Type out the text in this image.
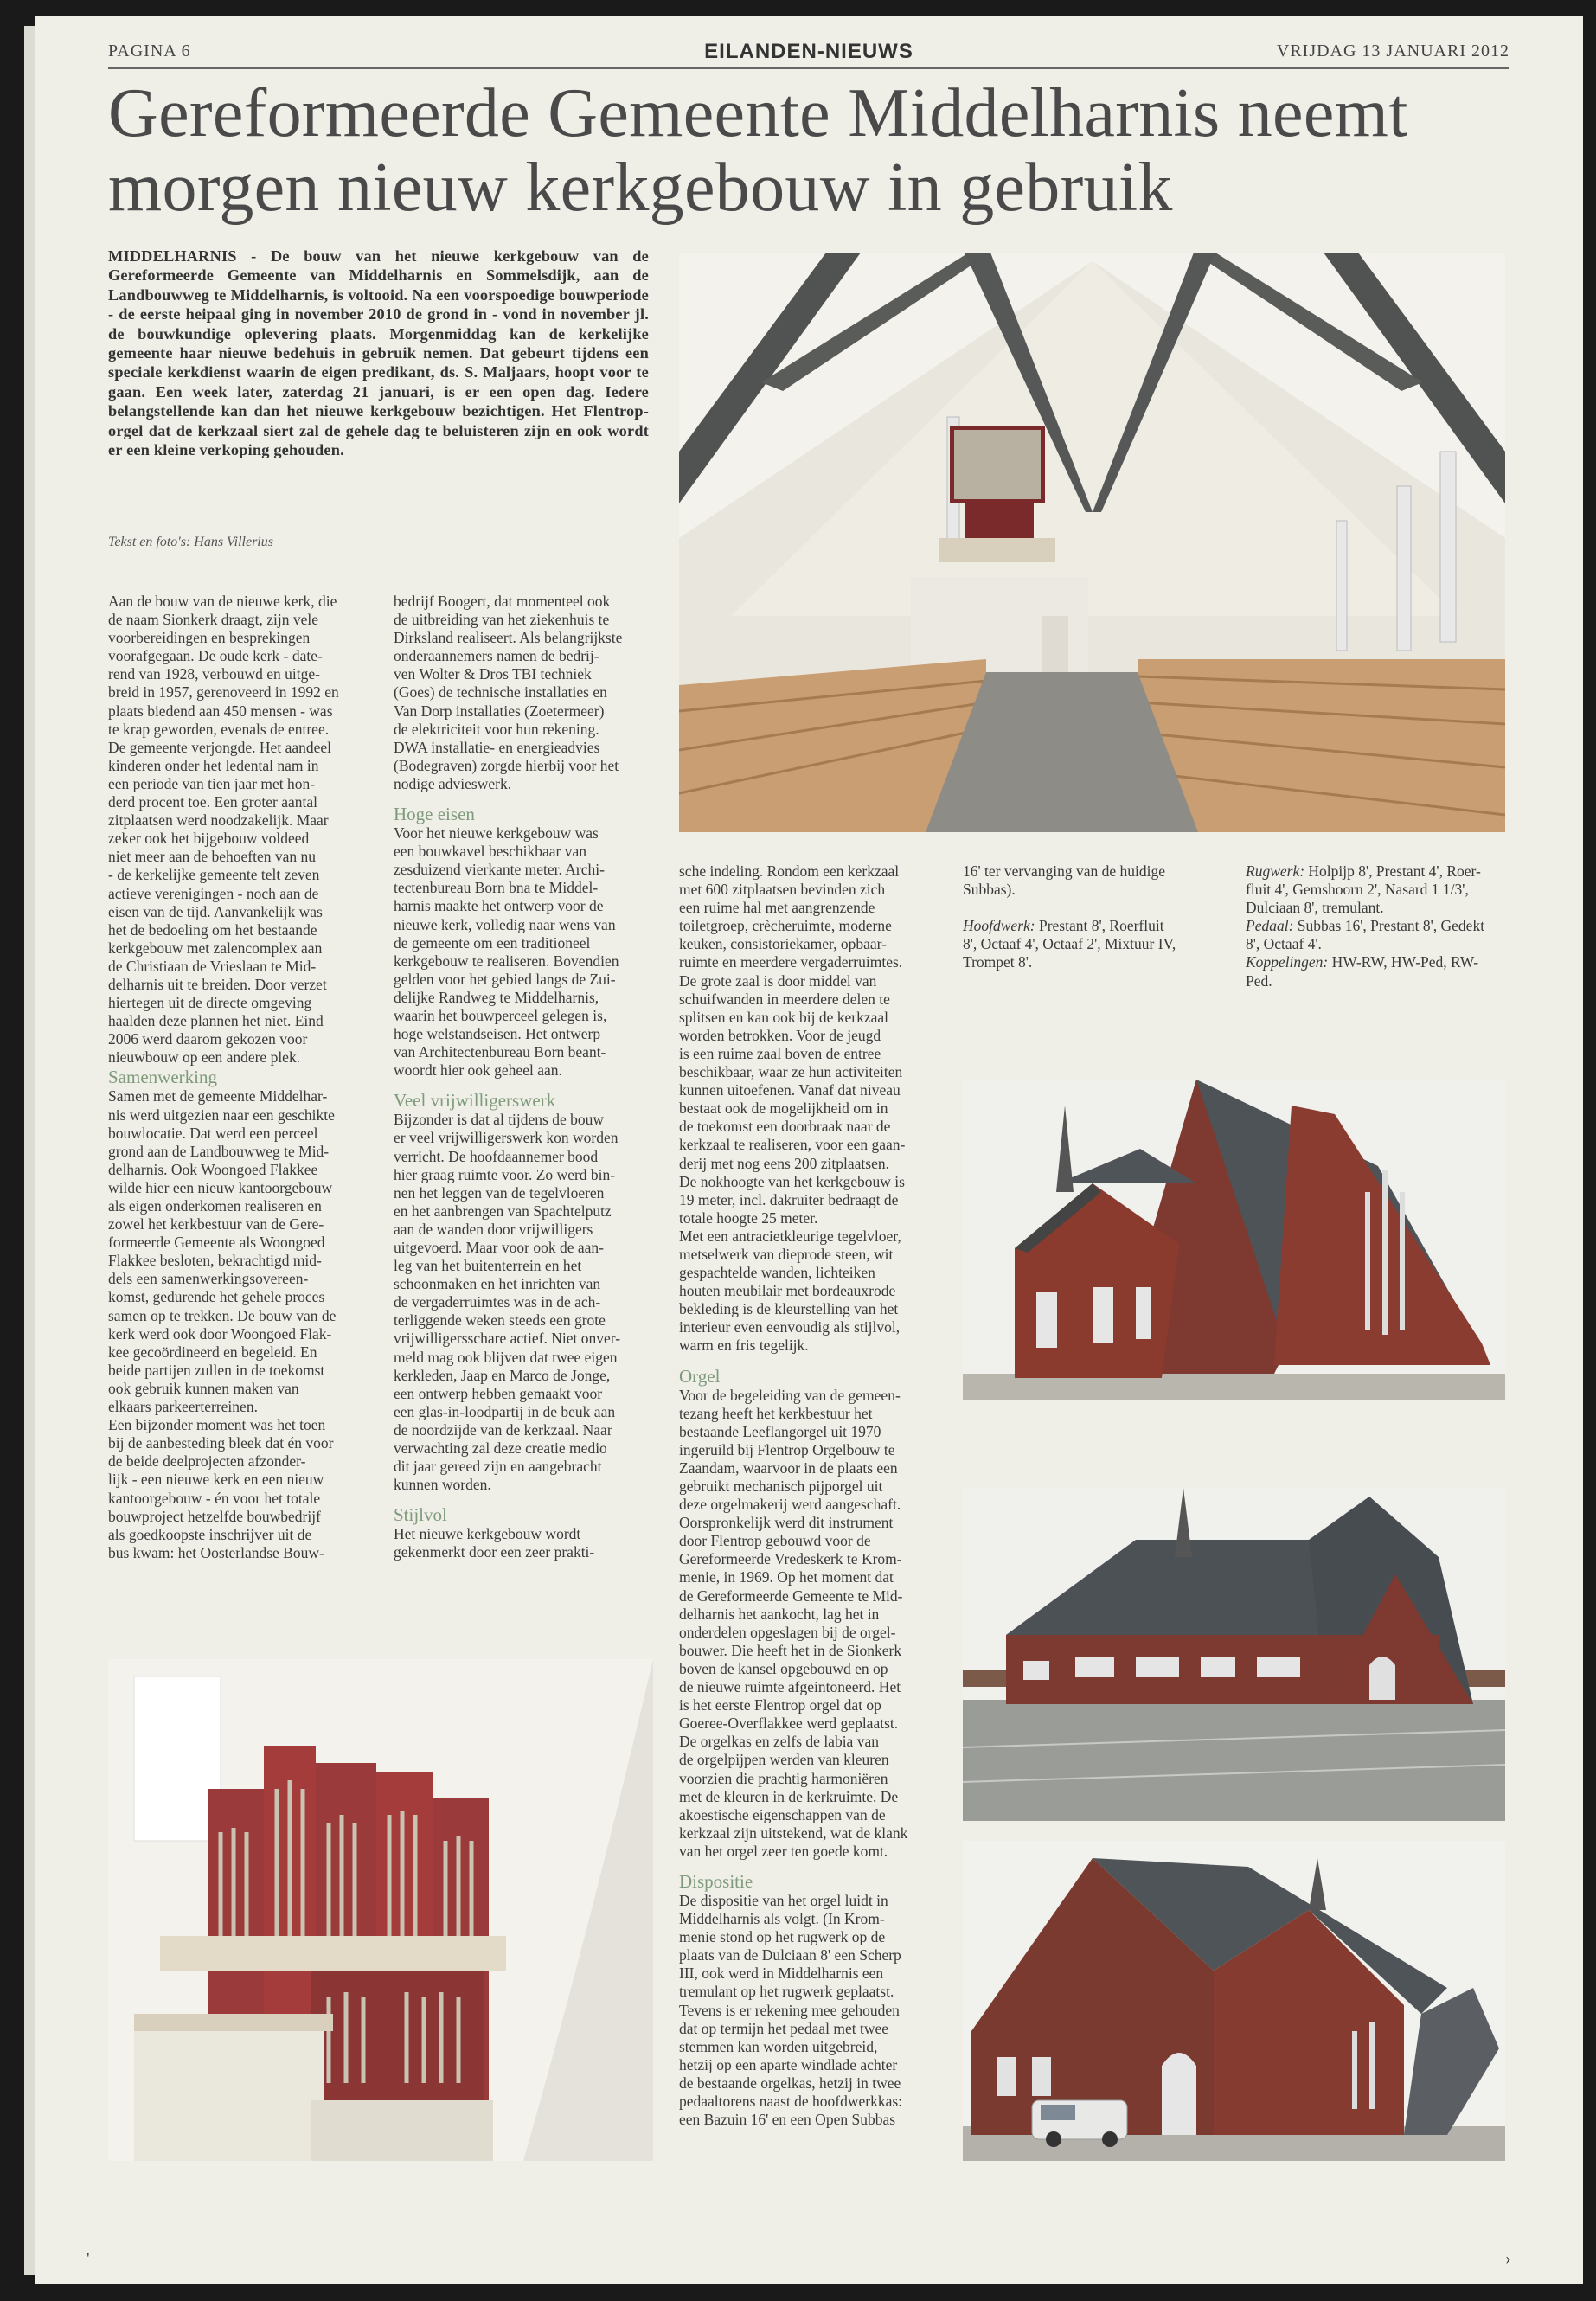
PAGINA 6	EILANDEN-NIEUWS	VRIJDAG 13 JANUARI 2012
Gereformeerde Gemeente Middelharnis neemt morgen nieuw kerkgebouw in gebruik
MIDDELHARNIS - De bouw van het nieuwe kerkgebouw van de Gereformeerde Gemeente van Middelharnis en Sommelsdijk, aan de Landbouwweg te Middelharnis, is voltooid. Na een voorspoedige bouwperiode - de eerste heipaal ging in november 2010 de grond in - vond in november jl. de bouwkundige oplevering plaats. Morgenmiddag kan de kerkelijke gemeente haar nieuwe bedehuis in gebruik nemen. Dat gebeurt tijdens een speciale kerkdienst waarin de eigen predikant, ds. S. Maljaars, hoopt voor te gaan. Een week later, zaterdag 21 januari, is er een open dag. Iedere belangstellende kan dan het nieuwe kerkgebouw bezichtigen. Het Flentrop-orgel dat de kerkzaal siert zal de gehele dag te beluisteren zijn en ook wordt er een kleine verkoping gehouden.
Tekst en foto's: Hans Villerius

Aan de bouw van de nieuwe kerk, die
de naam Sionkerk draagt, zijn vele
voorbereidingen en besprekingen
voorafgegaan. De oude kerk - date-
rend van 1928, verbouwd en uitge-
breid in 1957, gerenoveerd in 1992 en
plaats biedend aan 450 mensen - was
te krap geworden, evenals de entree.
De gemeente verjongde. Het aandeel
kinderen onder het ledental nam in
een periode van tien jaar met hon-
derd procent toe. Een groter aantal
zitplaatsen werd noodzakelijk. Maar
zeker ook het bijgebouw voldeed
niet meer aan de behoeften van nu
- de kerkelijke gemeente telt zeven
actieve verenigingen - noch aan de
eisen van de tijd. Aanvankelijk was
het de bedoeling om het bestaande
kerkgebouw met zalencomplex aan
de Christiaan de Vrieslaan te Mid-
delharnis uit te breiden. Door verzet
hiertegen uit de directe omgeving
haalden deze plannen het niet. Eind
2006 werd daarom gekozen voor
nieuwbouw op een andere plek.

Samenwerking

Samen met de gemeente Middelhar-
nis werd uitgezien naar een geschikte
bouwlocatie. Dat werd een perceel
grond aan de Landbouwweg te Mid-
delharnis. Ook Woongoed Flakkee
wilde hier een nieuw kantoorgebouw
als eigen onderkomen realiseren en
zowel het kerkbestuur van de Gere-
formeerde Gemeente als Woongoed
Flakkee besloten, bekrachtigd mid-
dels een samenwerkingsovereen-
komst, gedurende het gehele proces
samen op te trekken. De bouw van de
kerk werd ook door Woongoed Flak-
kee gecoördineerd en begeleid. En
beide partijen zullen in de toekomst
ook gebruik kunnen maken van
elkaars parkeerterreinen.
Een bijzonder moment was het toen
bij de aanbesteding bleek dat én voor
de beide deelprojecten afzonder-
lijk - een nieuwe kerk en een nieuw
kantoorgebouw - én voor het totale
bouwproject hetzelfde bouwbedrijf
als goedkoopste inschrijver uit de
bus kwam: het Oosterlandse Bouw-

bedrijf Boogert, dat momenteel ook
de uitbreiding van het ziekenhuis te
Dirksland realiseert. Als belangrijkste
onderaannemers namen de bedrij-
ven Wolter & Dros TBI techniek
(Goes) de technische installaties en
Van Dorp installaties (Zoetermeer)
de elektriciteit voor hun rekening.
DWA installatie- en energieadvies
(Bodegraven) zorgde hierbij voor het
nodige advieswerk.

Hoge eisen

Voor het nieuwe kerkgebouw was
een bouwkavel beschikbaar van
zesduizend vierkante meter. Archi-
tectenbureau Born bna te Middel-
harnis maakte het ontwerp voor de
nieuwe kerk, volledig naar wens van
de gemeente om een traditioneel
kerkgebouw te realiseren. Bovendien
gelden voor het gebied langs de Zui-
delijke Randweg te Middelharnis,
waarin het bouwperceel gelegen is,
hoge welstandseisen. Het ontwerp
van Architectenbureau Born beant-
woordt hier ook geheel aan.

Veel vrijwilligerswerk

Bijzonder is dat al tijdens de bouw
er veel vrijwilligerswerk kon worden
verricht. De hoofdaannemer bood
hier graag ruimte voor. Zo werd bin-
nen het leggen van de tegelvloeren
en het aanbrengen van Spachtelputz
aan de wanden door vrijwilligers
uitgevoerd. Maar voor ook de aan-
leg van het buitenterrein en het
schoonmaken en het inrichten van
de vergaderruimtes was in de ach-
terliggende weken steeds een grote
vrijwilligersschare actief. Niet onver-
meld mag ook blijven dat twee eigen
kerkleden, Jaap en Marco de Jonge,
een ontwerp hebben gemaakt voor
een glas-in-loodpartij in de beuk aan
de noordzijde van de kerkzaal. Naar
verwachting zal deze creatie medio
dit jaar gereed zijn en aangebracht
kunnen worden.

Stijlvol

Het nieuwe kerkgebouw wordt
gekenmerkt door een zeer prakti-

sche indeling. Rondom een kerkzaal
met 600 zitplaatsen bevinden zich
een ruime hal met aangrenzende
toiletgroep, crècheruimte, moderne
keuken, consistoriekamer, opbaar-
ruimte en meerdere vergaderruimtes.
De grote zaal is door middel van
schuifwanden in meerdere delen te
splitsen en kan ook bij de kerkzaal
worden betrokken. Voor de jeugd
is een ruime zaal boven de entree
beschikbaar, waar ze hun activiteiten
kunnen uitoefenen. Vanaf dat niveau
bestaat ook de mogelijkheid om in
de toekomst een doorbraak naar de
kerkzaal te realiseren, voor een gaan-
derij met nog eens 200 zitplaatsen.
De nokhoogte van het kerkgebouw is
19 meter, incl. dakruiter bedraagt de
totale hoogte 25 meter.
Met een antracietkleurige tegelvloer,
metselwerk van dieprode steen, wit
gespachtelde wanden, lichteiken
houten meubilair met bordeauxrode
bekleding is de kleurstelling van het
interieur even eenvoudig als stijlvol,
warm en fris tegelijk.

Orgel

Voor de begeleiding van de gemeen-
tezang heeft het kerkbestuur het
bestaande Leeflangorgel uit 1970
ingeruild bij Flentrop Orgelbouw te
Zaandam, waarvoor in de plaats een
gebruikt mechanisch pijporgel uit
deze orgelmakerij werd aangeschaft.
Oorspronkelijk werd dit instrument
door Flentrop gebouwd voor de
Gereformeerde Vredeskerk te Krom-
menie, in 1969. Op het moment dat
de Gereformeerde Gemeente te Mid-
delharnis het aankocht, lag het in
onderdelen opgeslagen bij de orgel-
bouwer. Die heeft het in de Sionkerk
boven de kansel opgebouwd en op
de nieuwe ruimte afgeintoneerd. Het
is het eerste Flentrop orgel dat op
Goeree-Overflakkee werd geplaatst.
De orgelkas en zelfs de labia van
de orgelpijpen werden van kleuren
voorzien die prachtig harmoniëren
met de kleuren in de kerkruimte. De
akoestische eigenschappen van de
kerkzaal zijn uitstekend, wat de klank
van het orgel zeer ten goede komt.

Dispositie

De dispositie van het orgel luidt in
Middelharnis als volgt. (In Krom-
menie stond op het rugwerk op de
plaats van de Dulciaan 8' een Scherp
III, ook werd in Middelharnis een
tremulant op het rugwerk geplaatst.
Tevens is er rekening mee gehouden
dat op termijn het pedaal met twee
stemmen kan worden uitgebreid,
hetzij op een aparte windlade achter
de bestaande orgelkas, hetzij in twee
pedaaltorens naast de hoofdwerkkas:
een Bazuin 16' en een Open Subbas

16' ter vervanging van de huidige
Subbas).

Hoofdwerk: Prestant 8', Roerfluit
8', Octaaf 4', Octaaf 2', Mixtuur IV,
Trompet 8'.

Rugwerk: Holpijp 8', Prestant 4', Roer-
fluit 4', Gemshoorn 2', Nasard 1 1/3',
Dulciaan 8', tremulant.

Pedaal: Subbas 16', Prestant 8', Gedekt
8', Octaaf 4'.

Koppelingen: HW-RW, HW-Ped, RW-
Ped.

'	›
